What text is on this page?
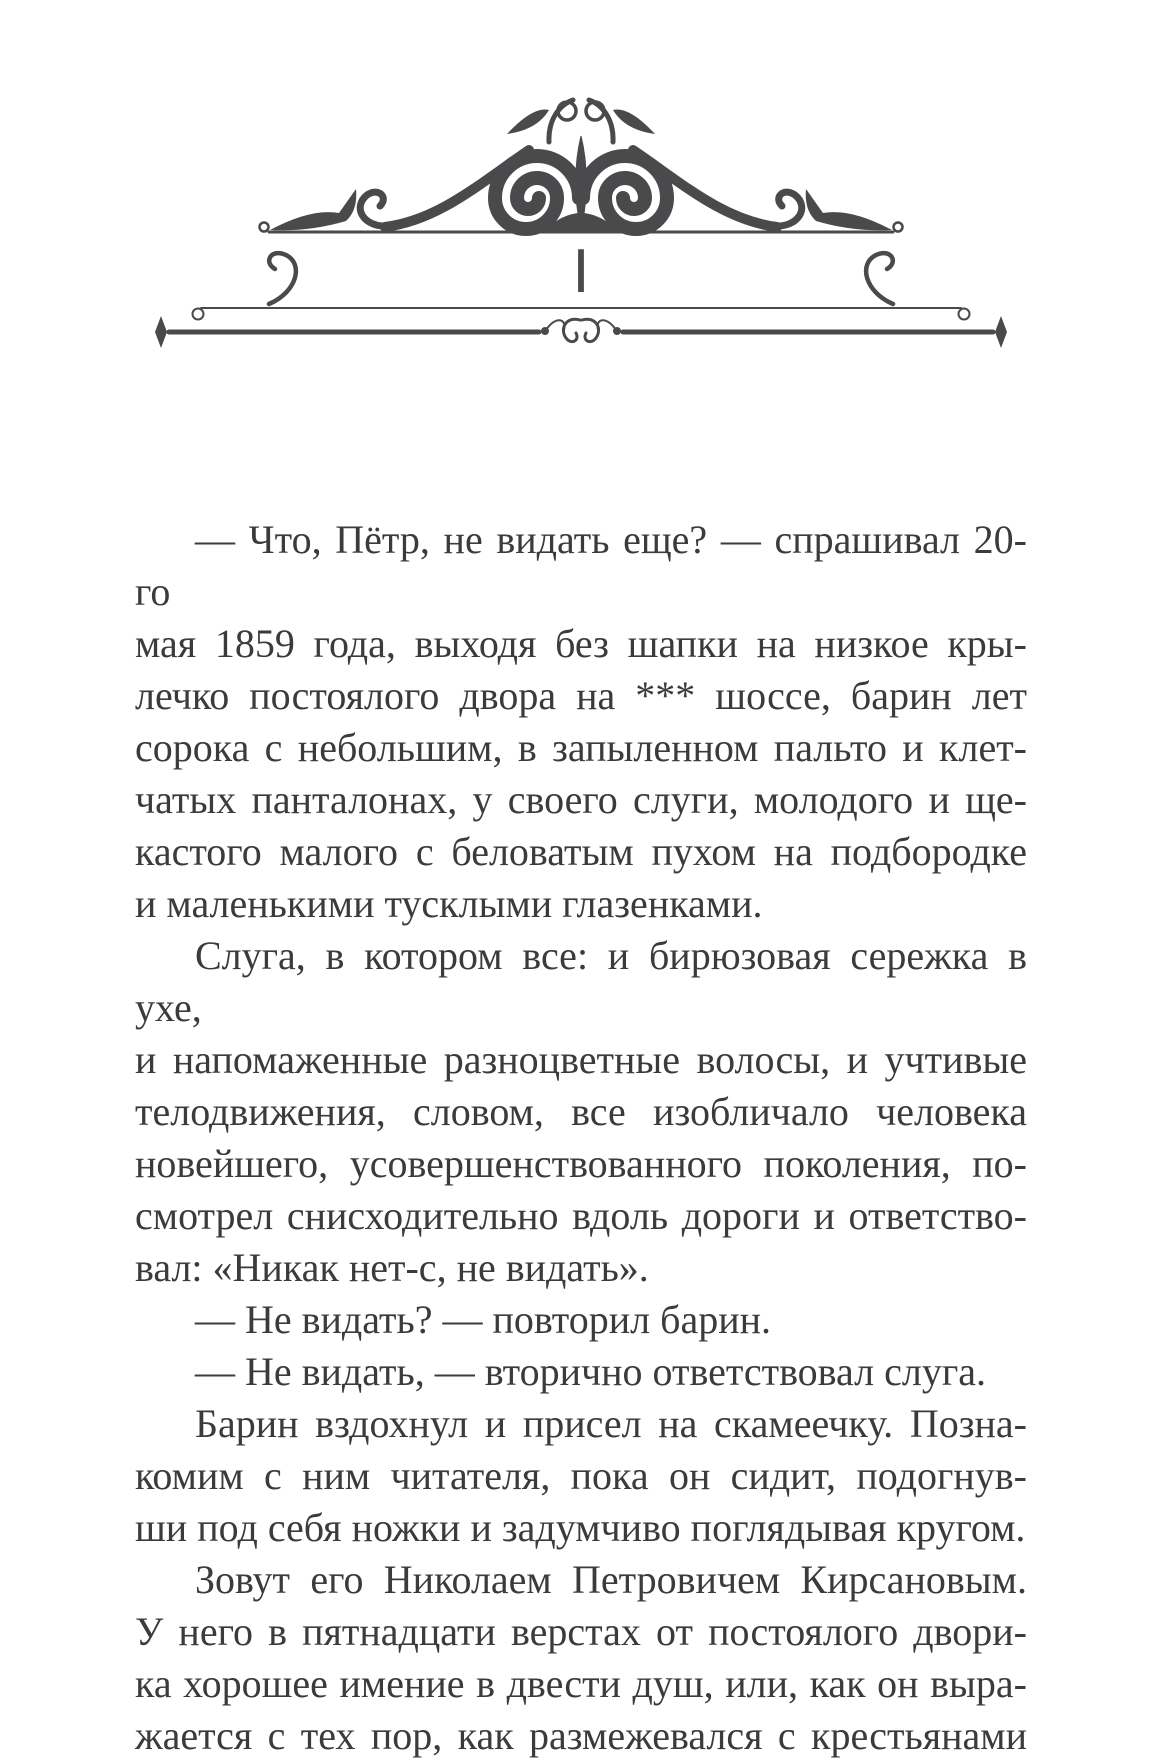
I

— Что, Пётр, не видать еще? — спрашивал 20-го
мая 1859 года, выходя без шапки на низкое кры-
лечко постоялого двора на *** шоссе, барин лет
сорока с небольшим, в запыленном пальто и клет-
чатых панталонах, у своего слуги, молодого и ще-
кастого малого с беловатым пухом на подбородке
и маленькими тусклыми глазенками.

Слуга, в котором все: и бирюзовая сережка в ухе,
и напомаженные разноцветные волосы, и учтивые
телодвижения, словом, все изобличало человека
новейшего, усовершенствованного поколения, по-
смотрел снисходительно вдоль дороги и ответство-
вал: «Никак нет-с, не видать».

— Не видать? — повторил барин.

— Не видать, — вторично ответствовал слуга.

Барин вздохнул и присел на скамеечку. Позна-
комим с ним читателя, пока он сидит, подогнув-
ши под себя ножки и задумчиво поглядывая кругом.

Зовут его Николаем Петровичем Кирсановым.
У него в пятнадцати верстах от постоялого двори-
ка хорошее имение в двести душ, или, как он выра-
жается с тех пор, как размежевался с крестьянами
